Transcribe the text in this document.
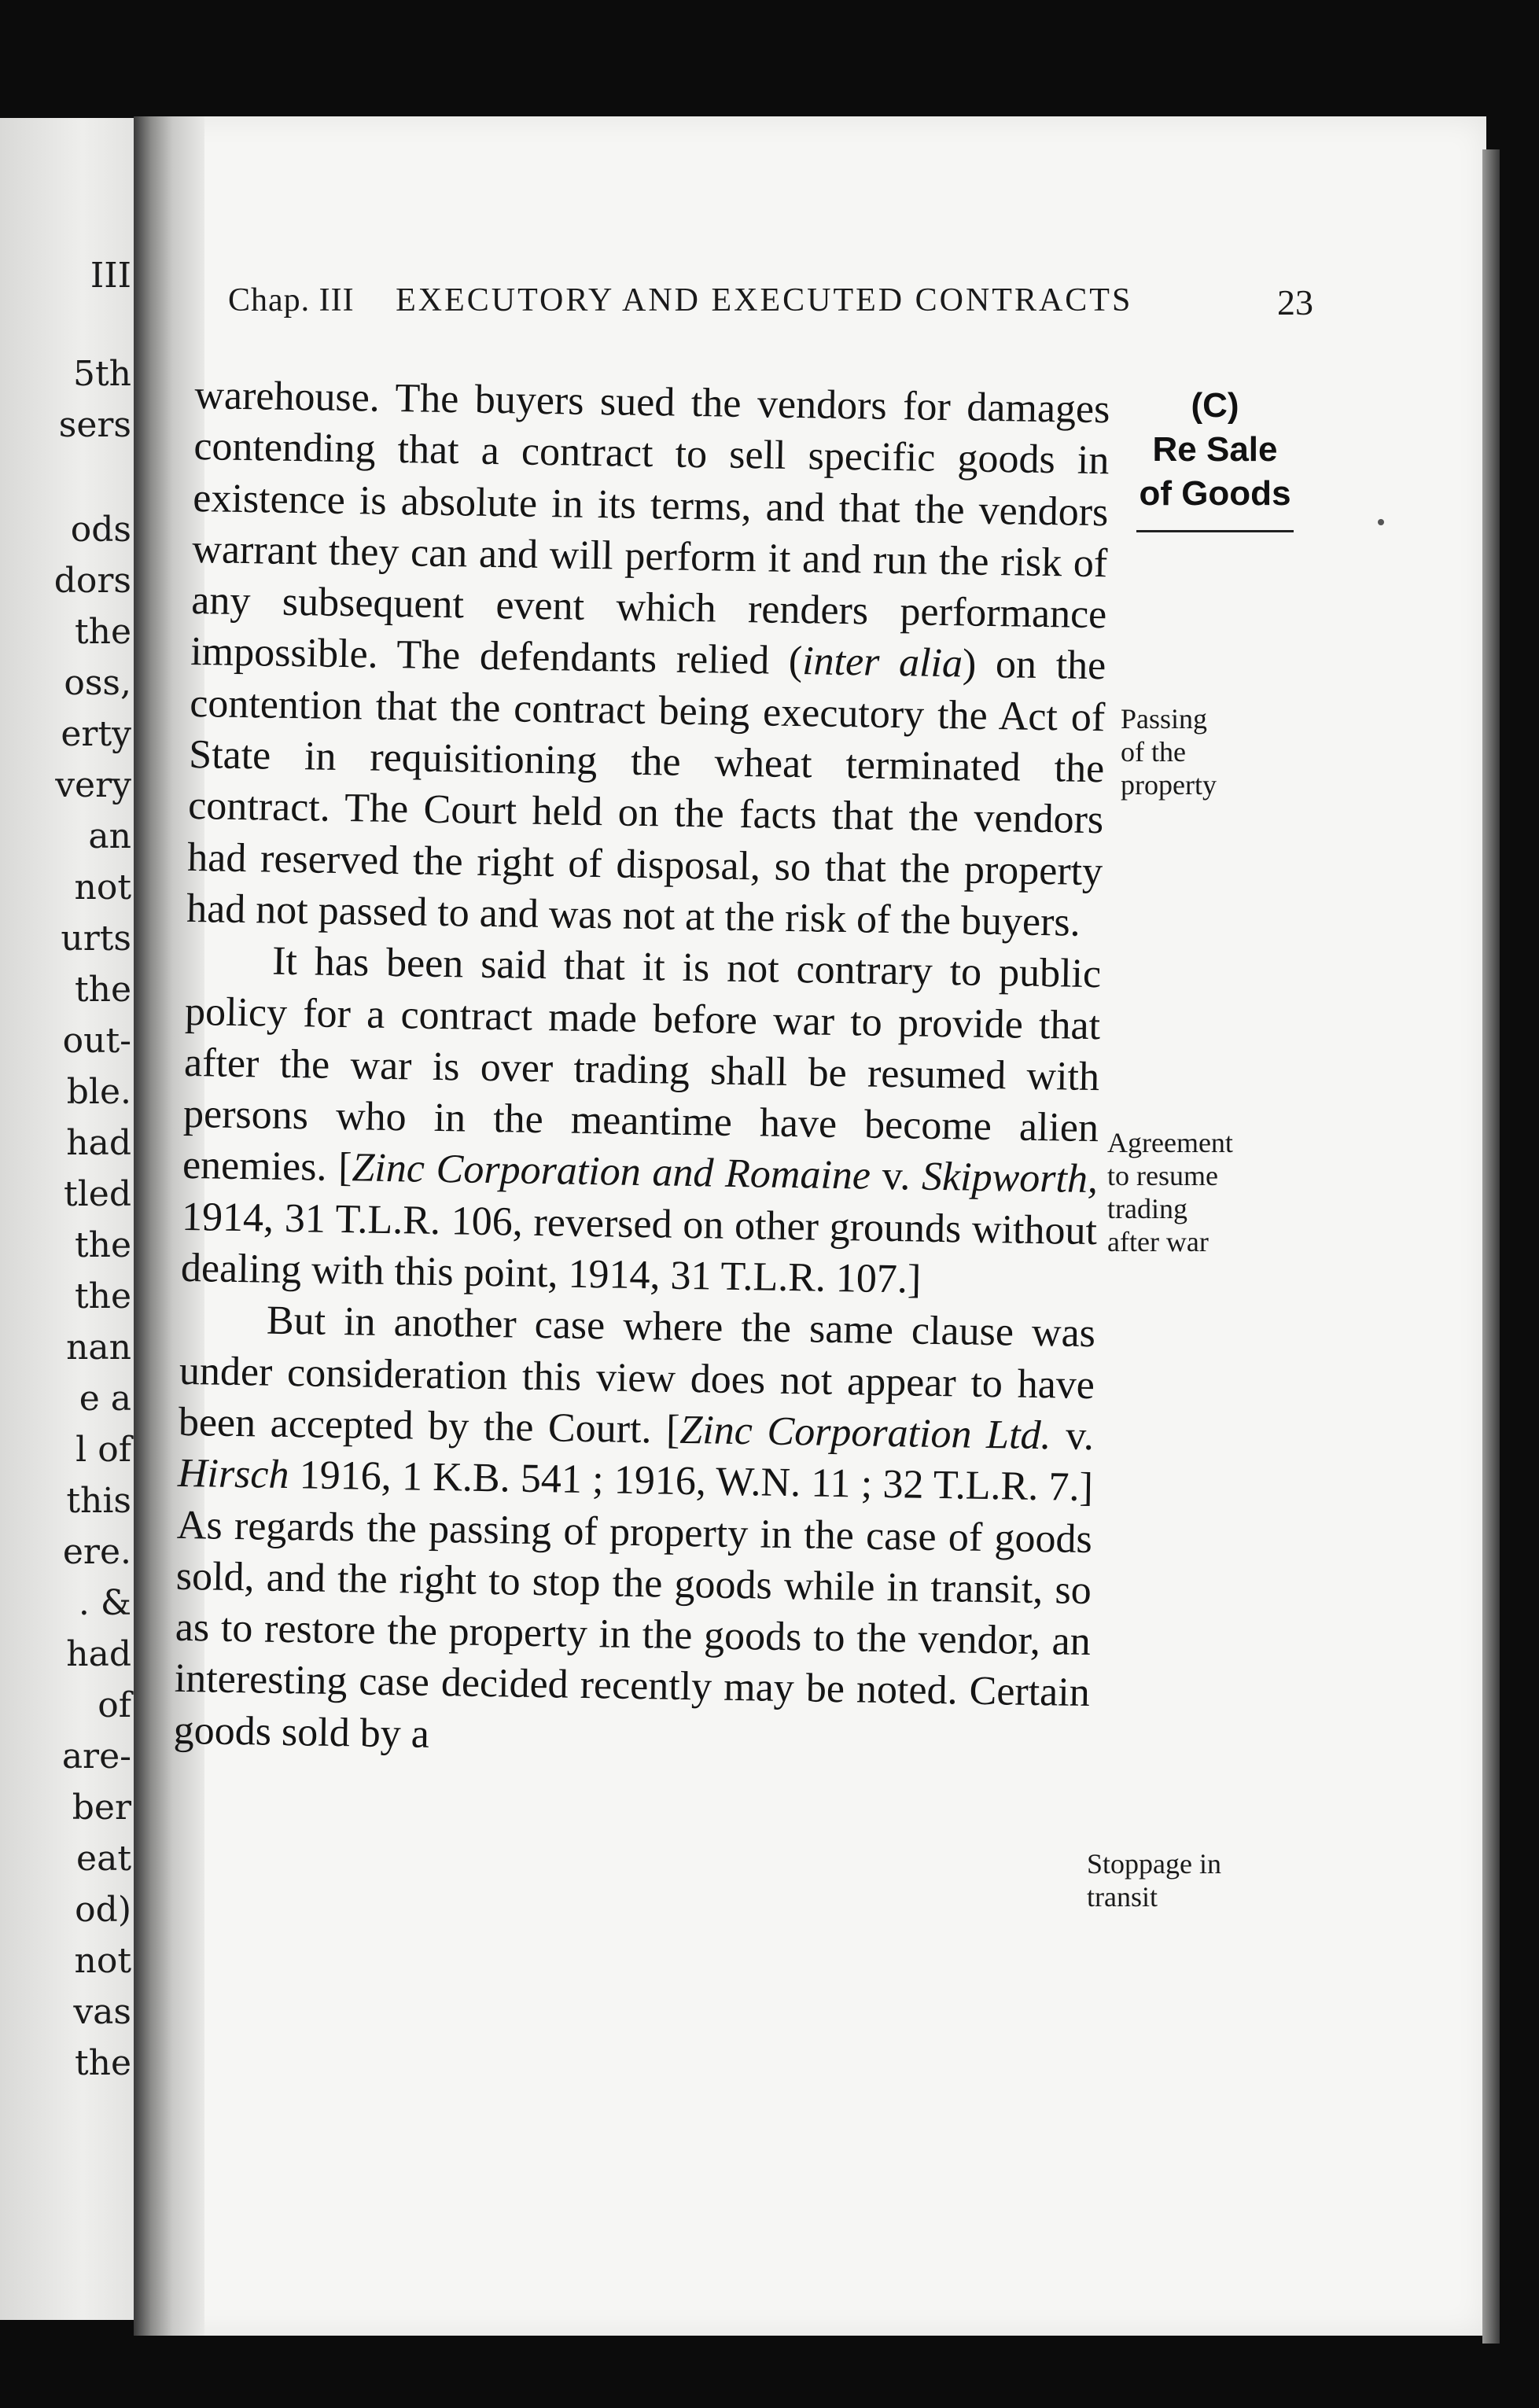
III
5th
sers
ods
dors
the
oss,
erty
very
an
not
urts
the
out-
ble.
had
tled
the
the
nan
e a
l of
this
ere.
. &
had
of
are-
ber
eat
od)
not
vas
the
Chap. III EXECUTORY AND EXECUTED CONTRACTS	23
(C)
Re Sale
of Goods
Passing
of the
property
Agreement
to resume
trading
after war
Stoppage in
transit

warehouse. The buyers sued the vendors for damages contending that a contract to sell specific goods in existence is absolute in its terms, and that the vendors warrant they can and will perform it and run the risk of any subsequent event which renders performance impossible. The defendants relied (inter alia) on the contention that the contract being executory the Act of State in requisitioning the wheat terminated the contract. The Court held on the facts that the vendors had reserved the right of disposal, so that the property had not passed to and was not at the risk of the buyers.

It has been said that it is not contrary to public policy for a contract made before war to provide that after the war is over trading shall be resumed with persons who in the meantime have become alien enemies. [Zinc Corporation and Romaine v. Skipworth, 1914, 31 T.L.R. 106, reversed on other grounds without dealing with this point, 1914, 31 T.L.R. 107.]

But in another case where the same clause was under consideration this view does not appear to have been accepted by the Court. [Zinc Corporation Ltd. v. Hirsch 1916, 1 K.B. 541 ; 1916, W.N. 11 ; 32 T.L.R. 7.] As regards the passing of property in the case of goods sold, and the right to stop the goods while in transit, so as to restore the property in the goods to the vendor, an interesting case decided recently may be noted. Certain goods sold by a
